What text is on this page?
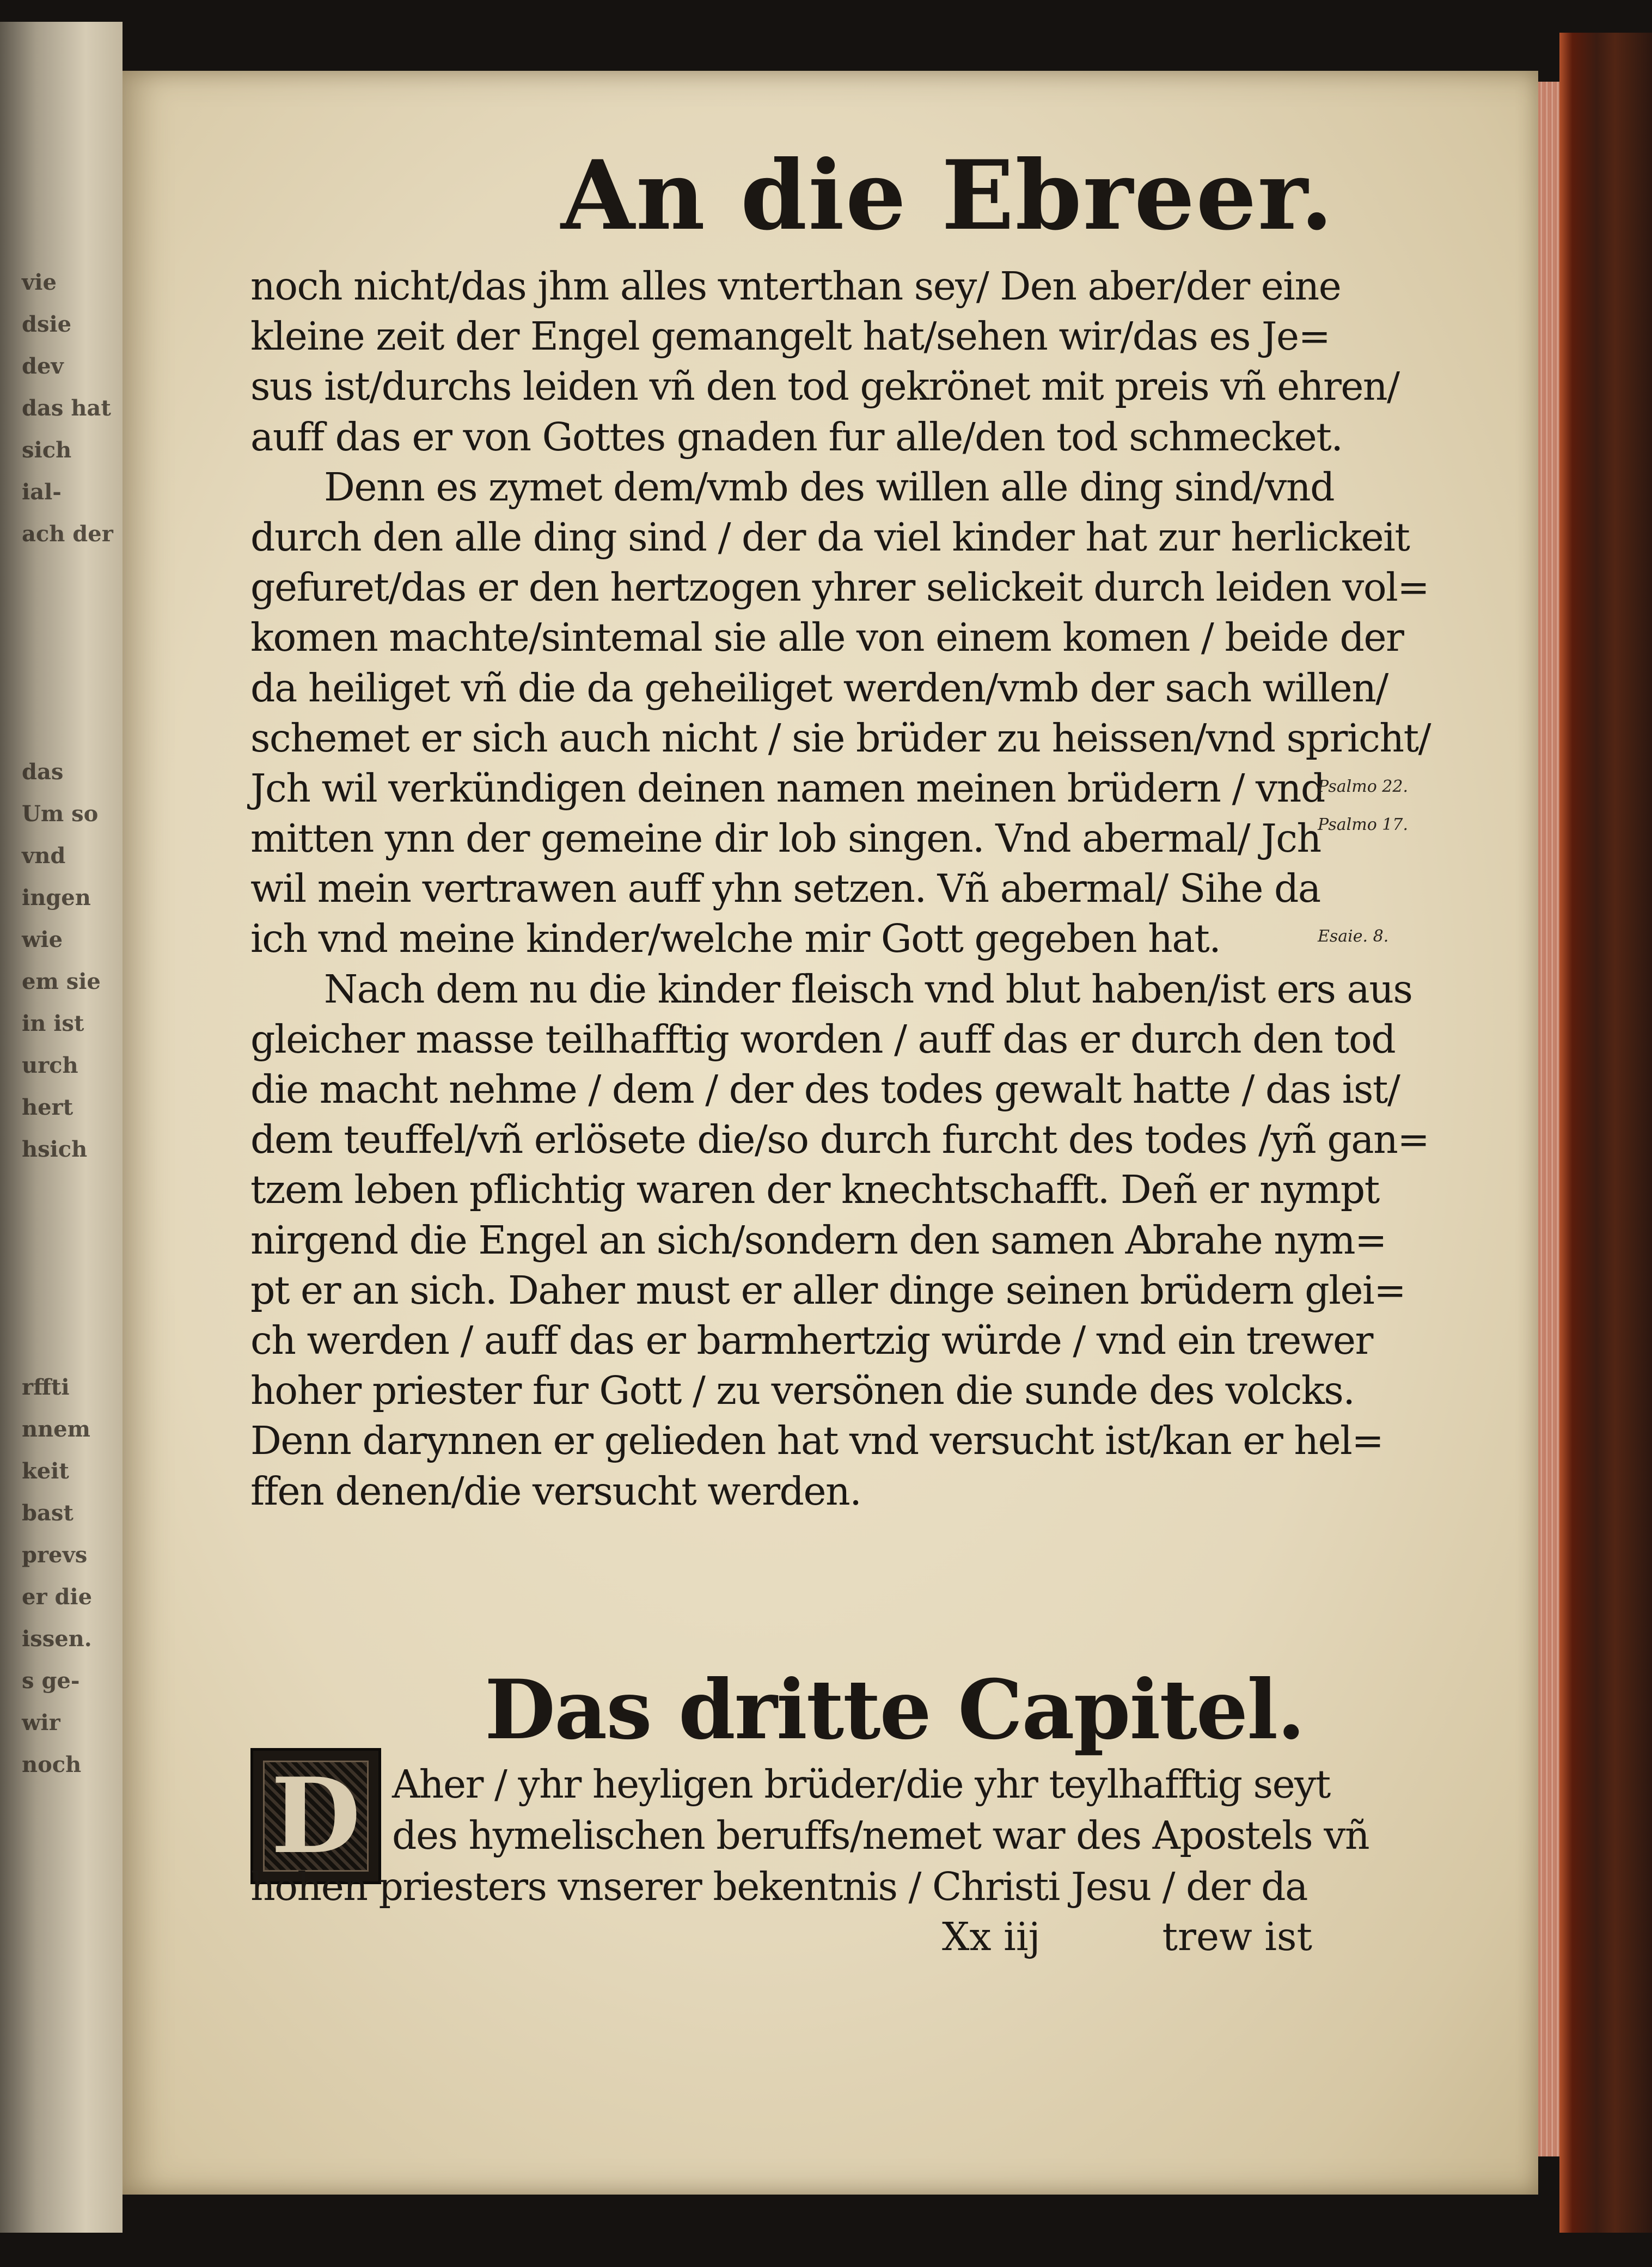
vie
dsie
dev
das hat
sich
ial-
ach der
das
Um so
vnd
ingen
wie
em sie
in ist
urch
hert
hsich
rffti
nnem
keit
bast
prevs
er die
issen.
s ge-
wir
noch
An die Ebreer.
noch nicht/das jhm alles vnterthan sey/ Den aber/der eine
kleine zeit der Engel gemangelt hat/sehen wir/das es Je=
sus ist/durchs leiden vñ den tod gekrönet mit preis vñ ehren/
auff das er von Gottes gnaden fur alle/den tod schmecket.
Denn es zymet dem/vmb des willen alle ding sind/vnd
durch den alle ding sind / der da viel kinder hat zur herlickeit
gefuret/das er den hertzogen yhrer selickeit durch leiden vol=
komen machte/sintemal sie alle von einem komen / beide der
da heiliget vñ die da geheiliget werden/vmb der sach willen/
schemet er sich auch nicht / sie brüder zu heissen/vnd spricht/
Jch wil verkündigen deinen namen meinen brüdern / vnd
mitten ynn der gemeine dir lob singen. Vnd abermal/ Jch
wil mein vertrawen auff yhn setzen. Vñ abermal/ Sihe da
ich vnd meine kinder/welche mir Gott gegeben hat.
Nach dem nu die kinder fleisch vnd blut haben/ist ers aus
gleicher masse teilhafftig worden / auff das er durch den tod
die macht nehme / dem / der des todes gewalt hatte / das ist/
dem teuffel/vñ erlösete die/so durch furcht des todes /yñ gan=
tzem leben pflichtig waren der knechtschafft. Deñ er nympt
nirgend die Engel an sich/sondern den samen Abrahe nym=
pt er an sich. Daher must er aller dinge seinen brüdern glei=
ch werden / auff das er barmhertzig würde / vnd ein trewer
hoher priester fur Gott / zu versönen die sunde des volcks.
Denn darynnen er gelieden hat vnd versucht ist/kan er hel=
ffen denen/die versucht werden.
Psalmo 22.
Psalmo 17.
Esaie. 8.
Das dritte Capitel.
D Aher / yhr heyligen brüder/die yhr teylhafftig seyt
des hymelischen beruffs/nemet war des Apostels vñ
hohen priesters vnserer bekentnis / Christi Jesu / der da
Xx iij	trew ist
